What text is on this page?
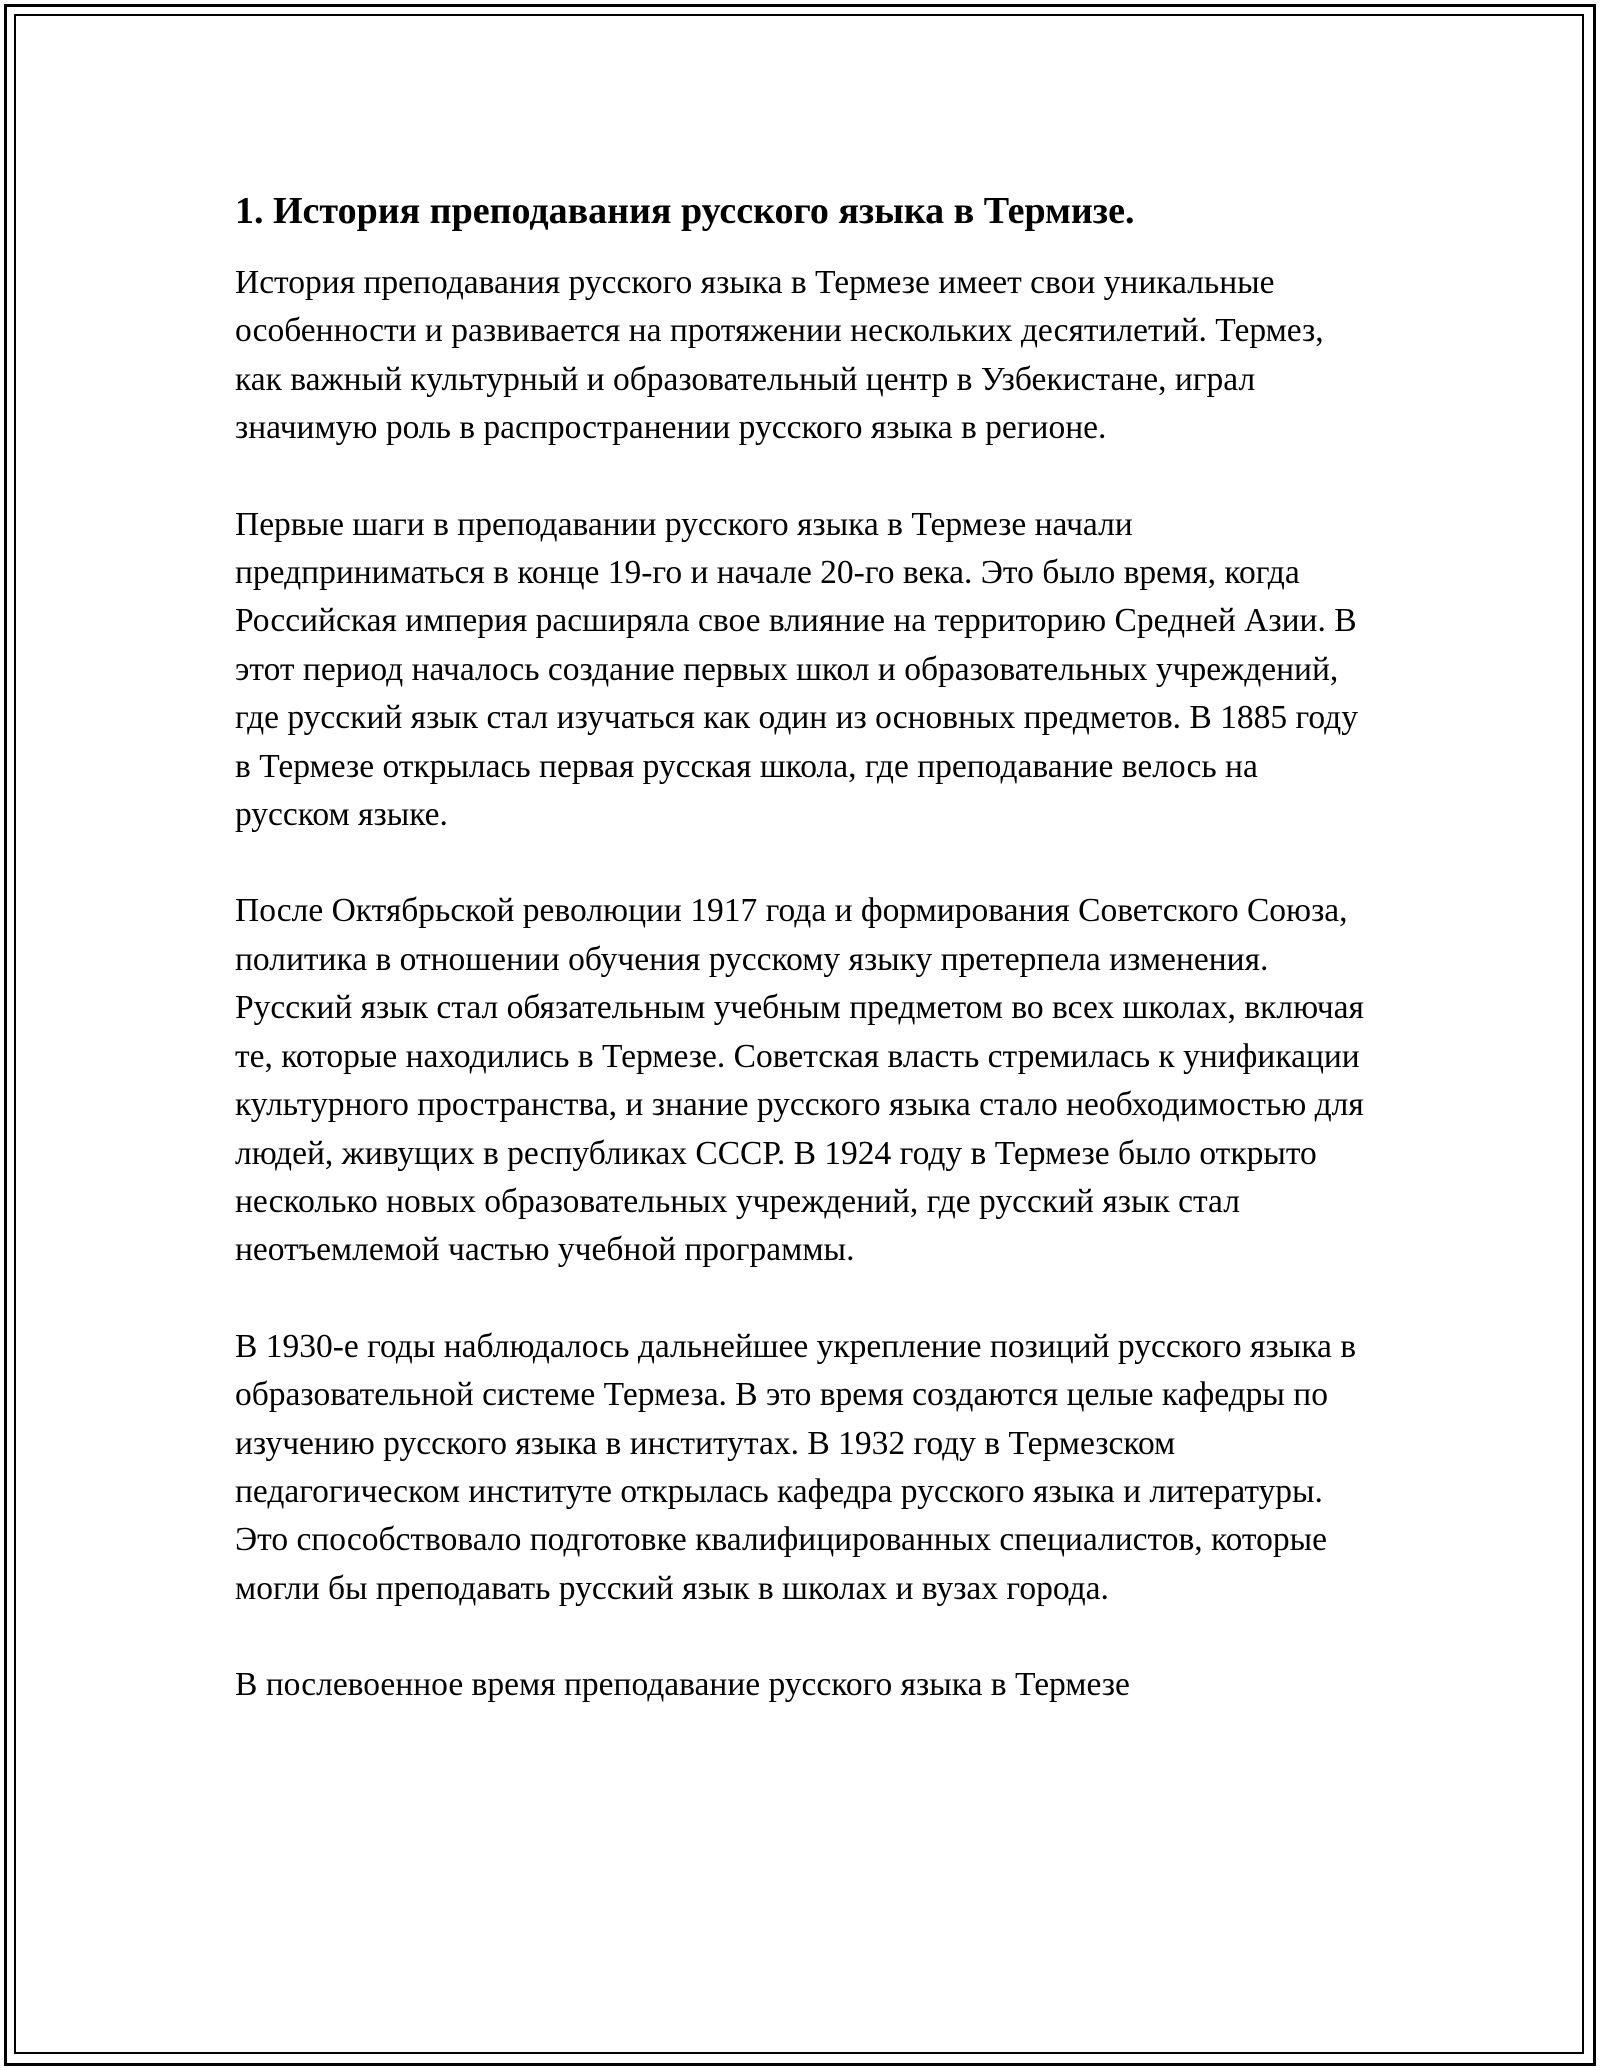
1. История преподавания русского языка в Термизе.

История преподавания русского языка в Термезе имеет свои уникальные особенности и развивается на протяжении нескольких десятилетий. Термез, как важный культурный и образовательный центр в Узбекистане, играл значимую роль в распространении русского языка в регионе.

Первые шаги в преподавании русского языка в Термезе начали предприниматься в конце 19-го и начале 20-го века. Это было время, когда Российская империя расширяла свое влияние на территорию Средней Азии. В этот период началось создание первых школ и образовательных учреждений, где русский язык стал изучаться как один из основных предметов. В 1885 году в Термезе открылась первая русская школа, где преподавание велось на русском языке.

После Октябрьской революции 1917 года и формирования Советского Союза, политика в отношении обучения русскому языку претерпела изменения. Русский язык стал обязательным учебным предметом во всех школах, включая те, которые находились в Термезе. Советская власть стремилась к унификации культурного пространства, и знание русского языка стало необходимостью для людей, живущих в республиках СССР. В 1924 году в Термезе было открыто несколько новых образовательных учреждений, где русский язык стал неотъемлемой частью учебной программы.

В 1930-е годы наблюдалось дальнейшее укрепление позиций русского языка в образовательной системе Термеза. В это время создаются целые кафедры по изучению русского языка в институтах. В 1932 году в Термезском педагогическом институте открылась кафедра русского языка и литературы. Это способствовало подготовке квалифицированных специалистов, которые могли бы преподавать русский язык в школах и вузах города.

В послевоенное время преподавание русского языка в Термезе
